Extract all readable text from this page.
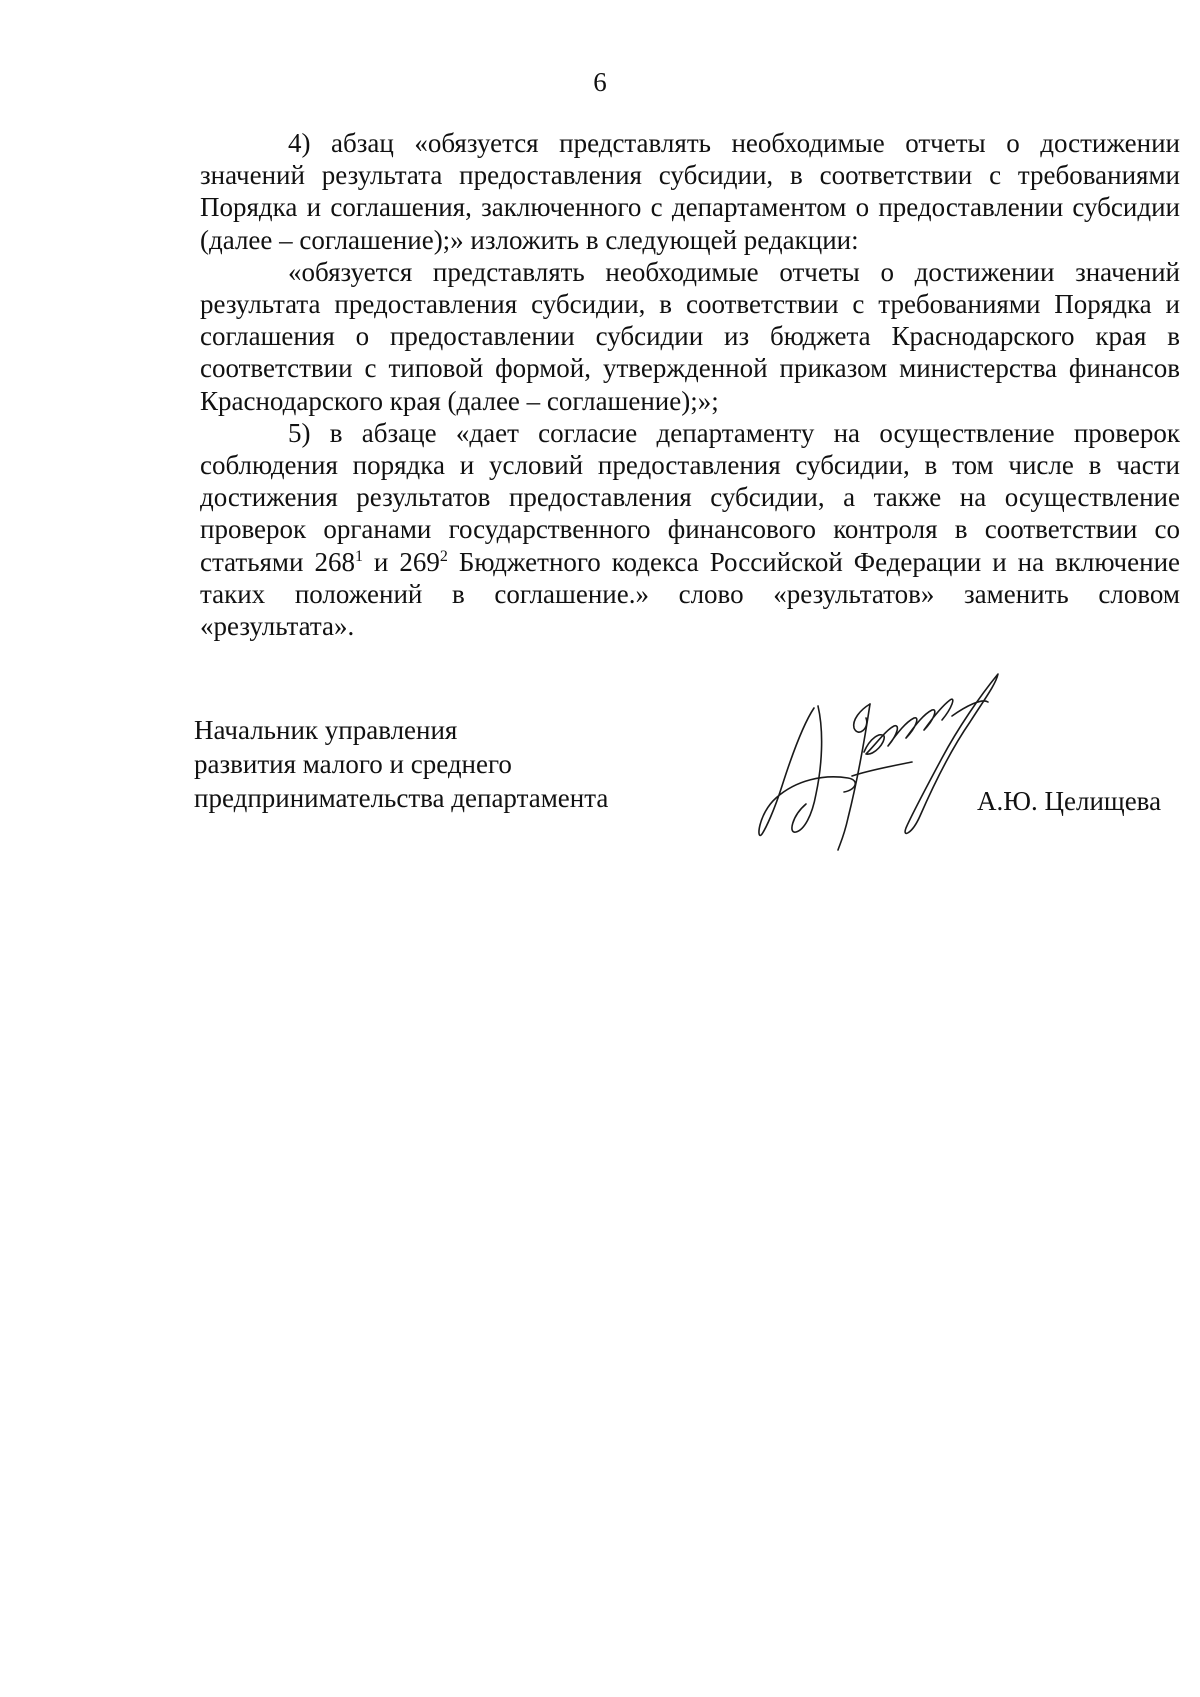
6

4) абзац «обязуется представлять необходимые отчеты о достижении значений результата предоставления субсидии, в соответствии с требованиями Порядка и соглашения, заключенного с департаментом о предоставлении субсидии (далее – соглашение);» изложить в следующей редакции:

«обязуется представлять необходимые отчеты о достижении значений результата предоставления субсидии, в соответствии с требованиями Порядка и соглашения о предоставлении субсидии из бюджета Краснодарского края в соответствии с типовой формой, утвержденной приказом министерства финансов Краснодарского края (далее – соглашение);»;

5) в абзаце «дает согласие департаменту на осуществление проверок соблюдения порядка и условий предоставления субсидии, в том числе в части достижения результатов предоставления субсидии, а также на осуществление проверок органами государственного финансового контроля в соответствии со статьями $268^1$ и $269^2$ Бюджетного кодекса Российской Федерации и на включение таких положений в соглашение.» слово «результатов» заменить словом «результата».

Начальник управления
развития малого и среднего
предпринимательства департамента	А.Ю. Целищева
